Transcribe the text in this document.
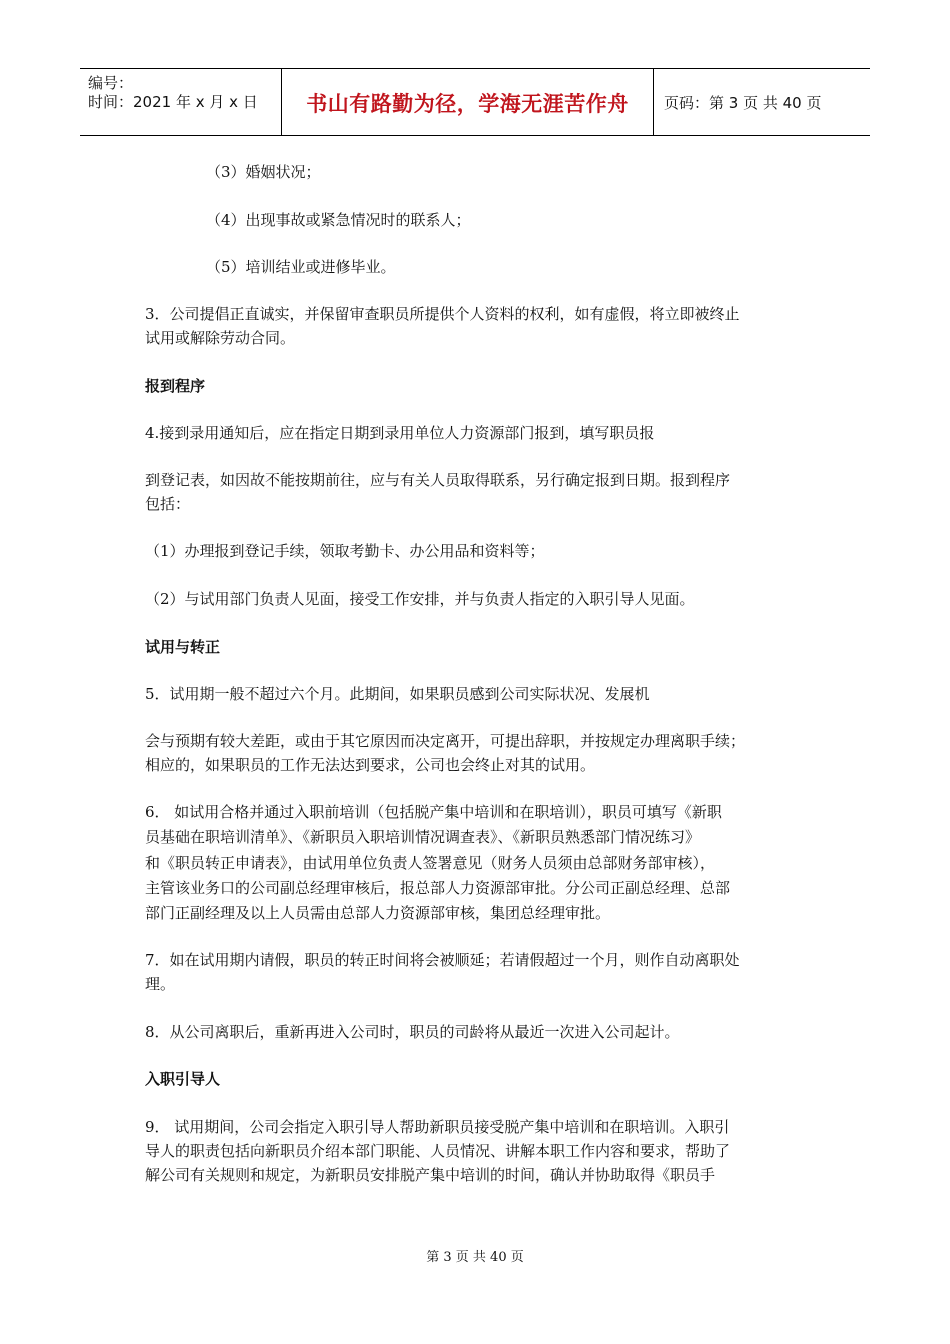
编号：
时间：2021 年 x 月 x 日 书山有路勤为径，学海无涯苦作舟 页码：第 3 页 共 40 页
（3）婚姻状况；
（4）出现事故或紧急情况时的联系人；
（5）培训结业或进修毕业。
3．公司提倡正直诚实，并保留审查职员所提供个人资料的权利，如有虚假，将立即被终止
试用或解除劳动合同。
报到程序
4.接到录用通知后，应在指定日期到录用单位人力资源部门报到，填写职员报
到登记表，如因故不能按期前往，应与有关人员取得联系，另行确定报到日期。报到程序
包括：
（1）办理报到登记手续，领取考勤卡、办公用品和资料等；
（2）与试用部门负责人见面，接受工作安排，并与负责人指定的入职引导人见面。
试用与转正
5．试用期一般不超过六个月。此期间，如果职员感到公司实际状况、发展机
会与预期有较大差距，或由于其它原因而决定离开，可提出辞职，并按规定办理离职手续；
相应的，如果职员的工作无法达到要求，公司也会终止对其的试用。
6． 如试用合格并通过入职前培训（包括脱产集中培训和在职培训），职员可填写《新职
员基础在职培训清单》、《新职员入职培训情况调查表》、《新职员熟悉部门情况练习》
和《职员转正申请表》，由试用单位负责人签署意见（财务人员须由总部财务部审核），
主管该业务口的公司副总经理审核后，报总部人力资源部审批。分公司正副总经理、总部
部门正副经理及以上人员需由总部人力资源部审核，集团总经理审批。
7．如在试用期内请假，职员的转正时间将会被顺延；若请假超过一个月，则作自动离职处
理。
8．从公司离职后，重新再进入公司时，职员的司龄将从最近一次进入公司起计。
入职引导人
9． 试用期间，公司会指定入职引导人帮助新职员接受脱产集中培训和在职培训。入职引
导人的职责包括向新职员介绍本部门职能、人员情况、讲解本职工作内容和要求，帮助了
解公司有关规则和规定，为新职员安排脱产集中培训的时间，确认并协助取得《职员手
第 3 页 共 40 页
